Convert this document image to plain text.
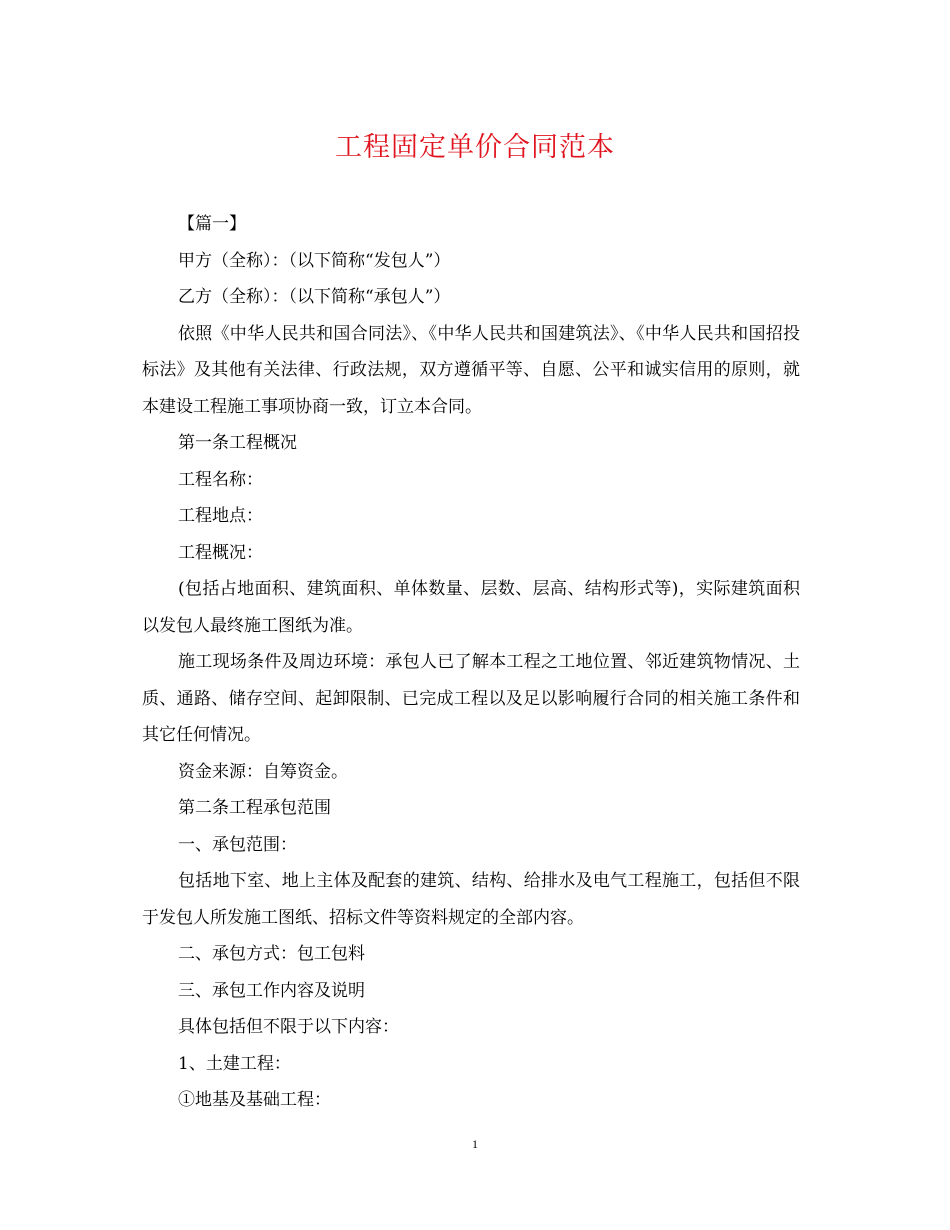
工程固定单价合同范本

【篇一】

甲方（全称）：（以下简称“发包人”）

乙方（全称）：（以下简称“承包人”）

依照《中华人民共和国合同法》、《中华人民共和国建筑法》、《中华人民共和国招投标法》及其他有关法律、行政法规，双方遵循平等、自愿、公平和诚实信用的原则，就本建设工程施工事项协商一致，订立本合同。

第一条工程概况

工程名称：

工程地点：

工程概况：

(包括占地面积、建筑面积、单体数量、层数、层高、结构形式等)，实际建筑面积以发包人最终施工图纸为准。

施工现场条件及周边环境：承包人已了解本工程之工地位置、邻近建筑物情况、土质、通路、储存空间、起卸限制、已完成工程以及足以影响履行合同的相关施工条件和其它任何情况。

资金来源：自筹资金。

第二条工程承包范围

一、承包范围：

包括地下室、地上主体及配套的建筑、结构、给排水及电气工程施工，包括但不限于发包人所发施工图纸、招标文件等资料规定的全部内容。

二、承包方式：包工包料

三、承包工作内容及说明

具体包括但不限于以下内容：

1、土建工程：

①地基及基础工程：

1
